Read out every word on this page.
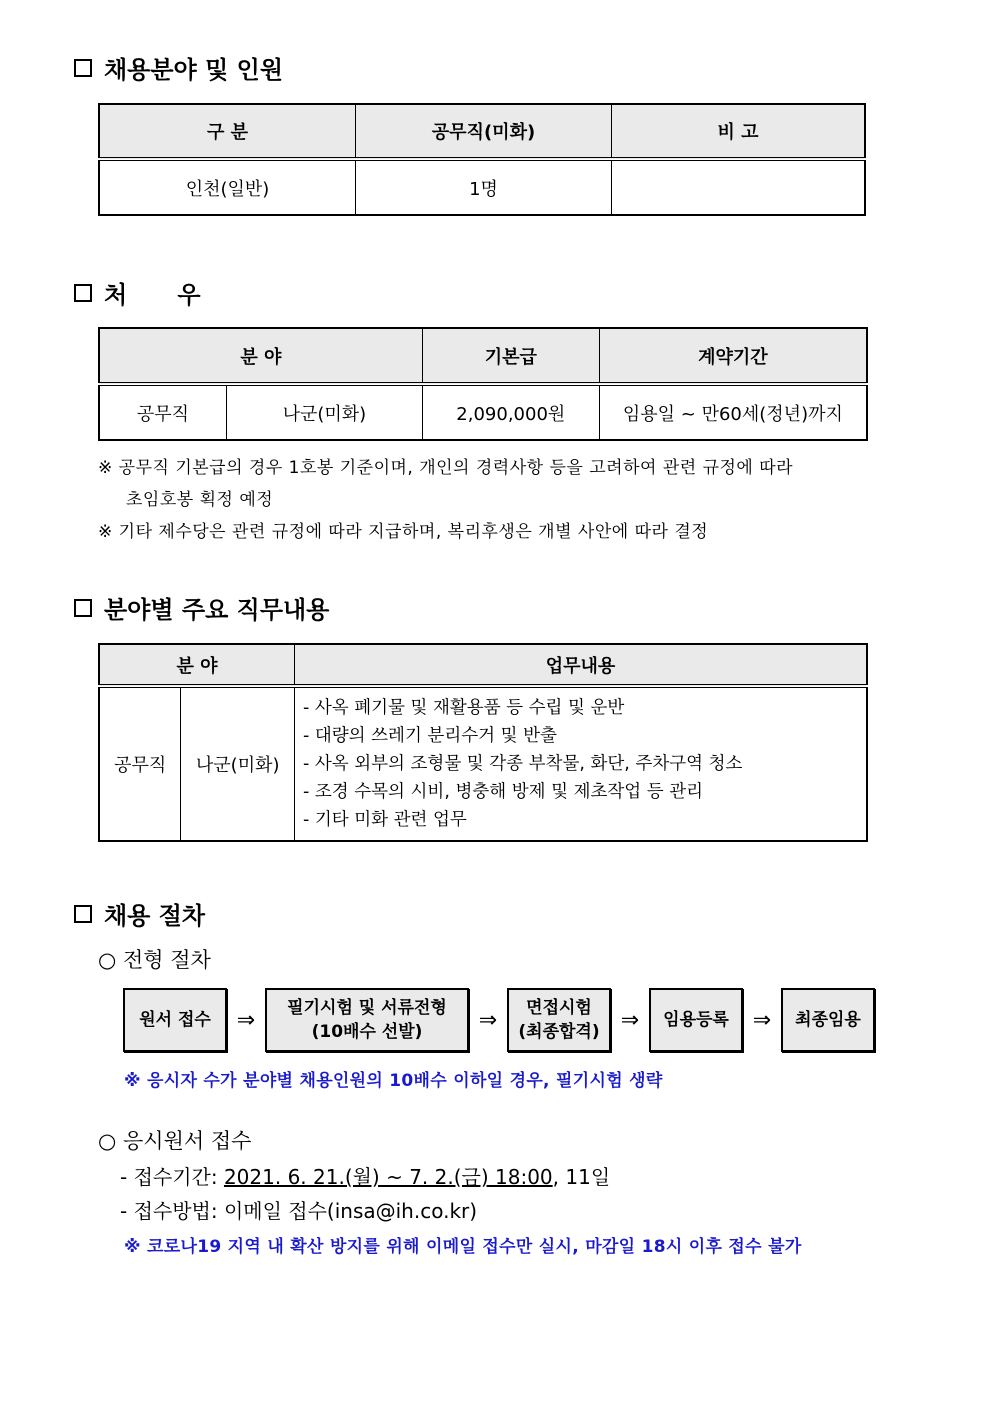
채용분야 및 인원
구 분	공무직(미화)	비 고
인천(일반)	1명	
처      우
분 야		기본급	계약기간
공무직	나군(미화)	2,090,000원	임용일 ~ 만60세(정년)까지
※ 공무직 기본급의 경우 1호봉 기준이며, 개인의 경력사항 등을 고려하여 관련 규정에 따라
초임호봉 획정 예정
※ 기타 제수당은 관련 규정에 따라 지급하며, 복리후생은 개별 사안에 따라 결정
분야별 주요 직무내용
분 야		업무내용
공무직	나군(미화)	- 사옥 폐기물 및 재활용품 등 수립 및 운반
- 대량의 쓰레기 분리수거 및 반출
- 사옥 외부의 조형물 및 각종 부착물, 화단, 주차구역 청소
- 조경 수목의 시비, 병충해 방제 및 제초작업 등 관리
- 기타 미화 관련 업무
채용 절차
○ 전형 절차
원서 접수	⇒	필기시험 및 서류전형
(10배수 선발)	⇒	면접시험
(최종합격) ⇒	임용등록	⇒	최종임용
※ 응시자 수가 분야별 채용인원의 10배수 이하일 경우, 필기시험 생략
○ 응시원서 접수
- 접수기간: 2021. 6. 21.(월) ~ 7. 2.(금) 18:00, 11일
- 접수방법: 이메일 접수(insa@ih.co.kr)
※ 코로나19 지역 내 확산 방지를 위해 이메일 접수만 실시, 마감일 18시 이후 접수 불가
